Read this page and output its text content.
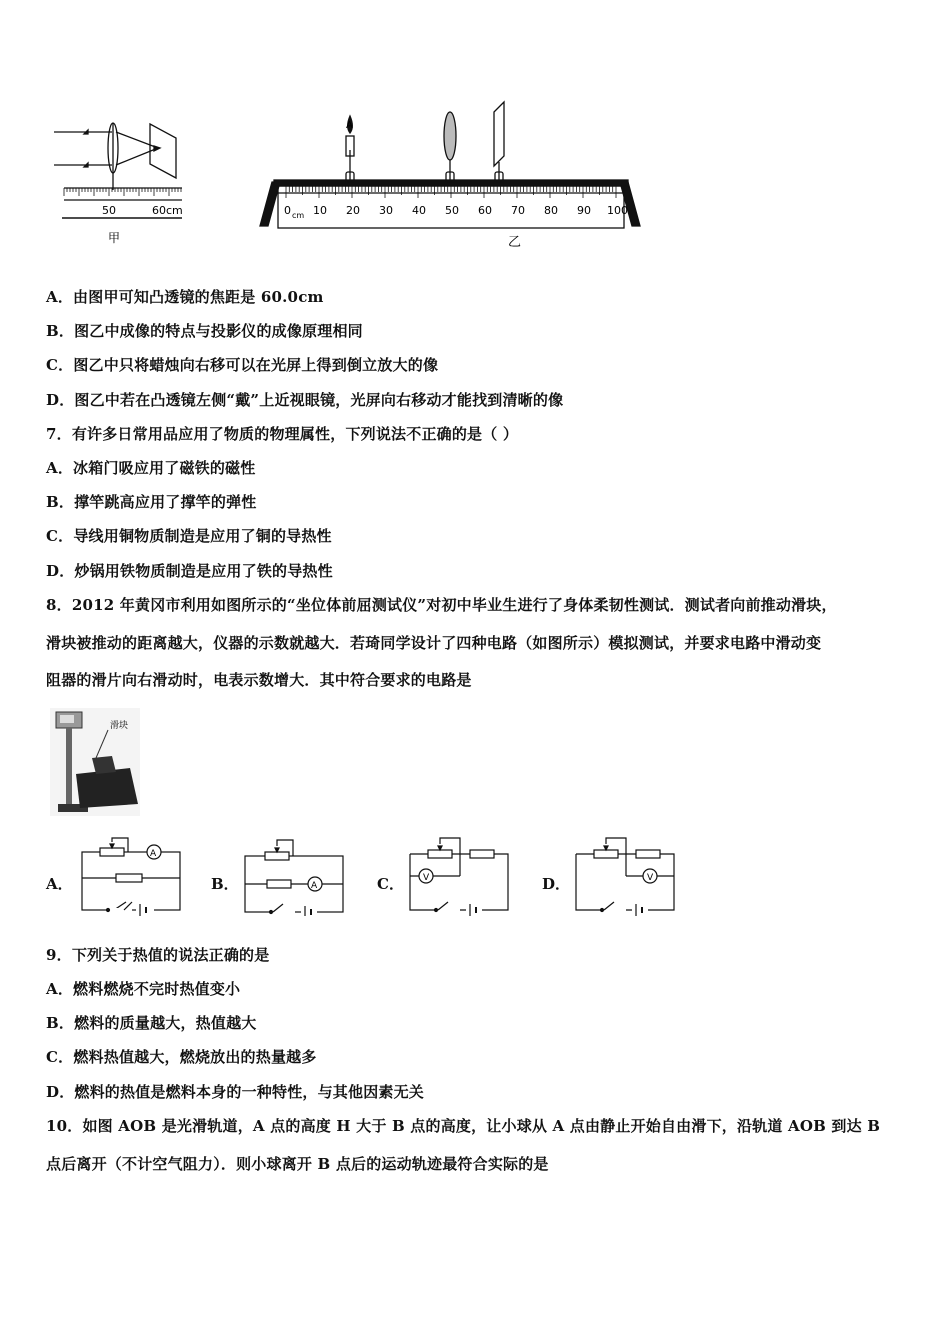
50	60cm
甲
A
0 cm 10 20 30 40 50 60 70 80 90 100
乙
A．由图甲可知凸透镜的焦距是 60.0cm
B．图乙中成像的特点与投影仪的成像原理相同
C．图乙中只将蜡烛向右移可以在光屏上得到倒立放大的像
D．图乙中若在凸透镜左侧“戴”上近视眼镜，光屏向右移动才能找到清晰的像
7．有许多日常用品应用了物质的物理属性，下列说法不正确的是（ ）
A．冰箱门吸应用了磁铁的磁性
B．撑竿跳高应用了撑竿的弹性
C．导线用铜物质制造是应用了铜的导热性
D．炒锅用铁物质制造是应用了铁的导热性
8．2012 年黄冈市利用如图所示的“坐位体前屈测试仪”对初中毕业生进行了身体柔韧性测试．测试者向前推动滑块，
滑块被推动的距离越大，仪器的示数就越大．若琦同学设计了四种电路（如图所示）模拟测试，并要求电路中滑动变
阻器的滑片向右滑动时，电表示数增大．其中符合要求的电路是
滑块
A．	B．	C．	D．
A
A
V	V
9．下列关于热值的说法正确的是
A．燃料燃烧不完时热值变小
B．燃料的质量越大，热值越大
C．燃料热值越大，燃烧放出的热量越多
D．燃料的热值是燃料本身的一种特性，与其他因素无关
10．如图 AOB 是光滑轨道，A 点的高度 H 大于 B 点的高度，让小球从 A 点由静止开始自由滑下，沿轨道 AOB 到达 B
点后离开（不计空气阻力）．则小球离开 B 点后的运动轨迹最符合实际的是
